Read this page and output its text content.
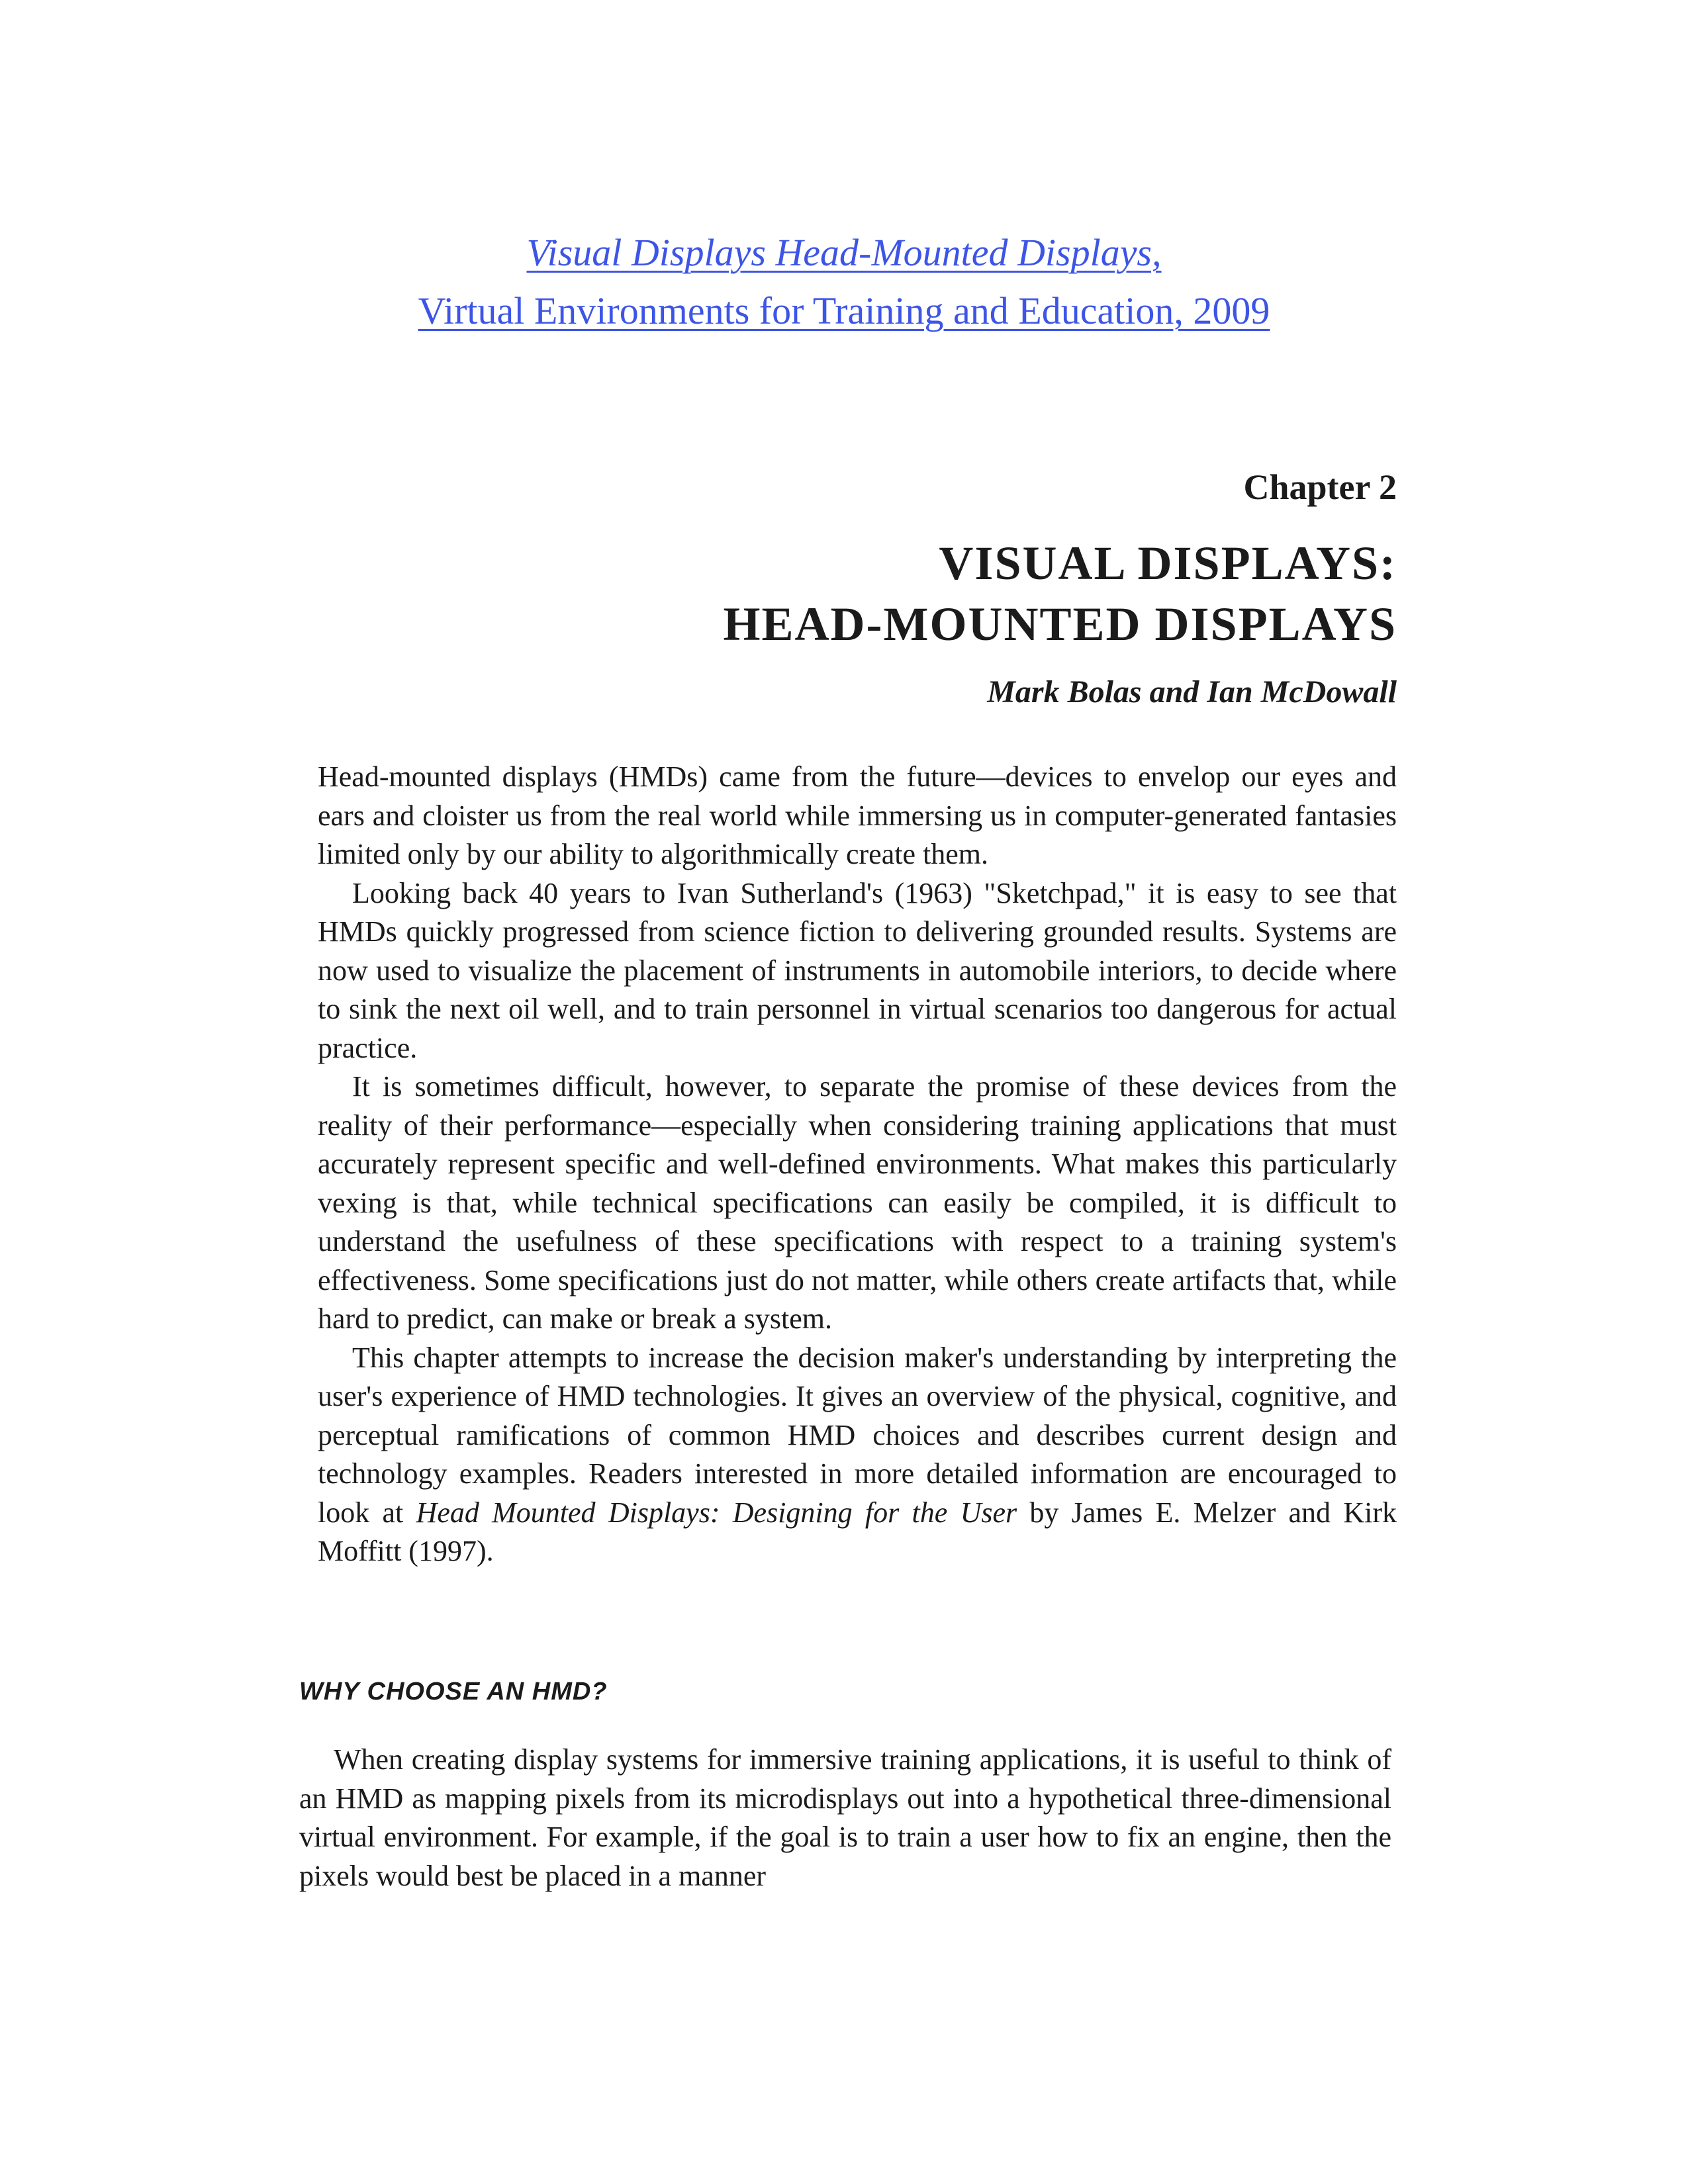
Visual Displays Head-Mounted Displays,
Virtual Environments for Training and Education, 2009
Chapter 2
VISUAL DISPLAYS:
HEAD-MOUNTED DISPLAYS
Mark Bolas and Ian McDowall

Head-mounted displays (HMDs) came from the future—devices to envelop our eyes and ears and cloister us from the real world while immersing us in computer-generated fantasies limited only by our ability to algorithmically create them.

Looking back 40 years to Ivan Sutherland's (1963) "Sketchpad," it is easy to see that HMDs quickly progressed from science fiction to delivering grounded results. Systems are now used to visualize the placement of instruments in automobile interiors, to decide where to sink the next oil well, and to train personnel in virtual scenarios too dangerous for actual practice.

It is sometimes difficult, however, to separate the promise of these devices from the reality of their performance—especially when considering training applications that must accurately represent specific and well-defined environments. What makes this particularly vexing is that, while technical specifications can easily be compiled, it is difficult to understand the usefulness of these specifications with respect to a training system's effectiveness. Some specifications just do not matter, while others create artifacts that, while hard to predict, can make or break a system.

This chapter attempts to increase the decision maker's understanding by interpreting the user's experience of HMD technologies. It gives an overview of the physical, cognitive, and perceptual ramifications of common HMD choices and describes current design and technology examples. Readers interested in more detailed information are encouraged to look at Head Mounted Displays: Designing for the User by James E. Melzer and Kirk Moffitt (1997).

WHY CHOOSE AN HMD?

When creating display systems for immersive training applications, it is useful to think of an HMD as mapping pixels from its microdisplays out into a hypothetical three-dimensional virtual environment. For example, if the goal is to train a user how to fix an engine, then the pixels would best be placed in a manner
